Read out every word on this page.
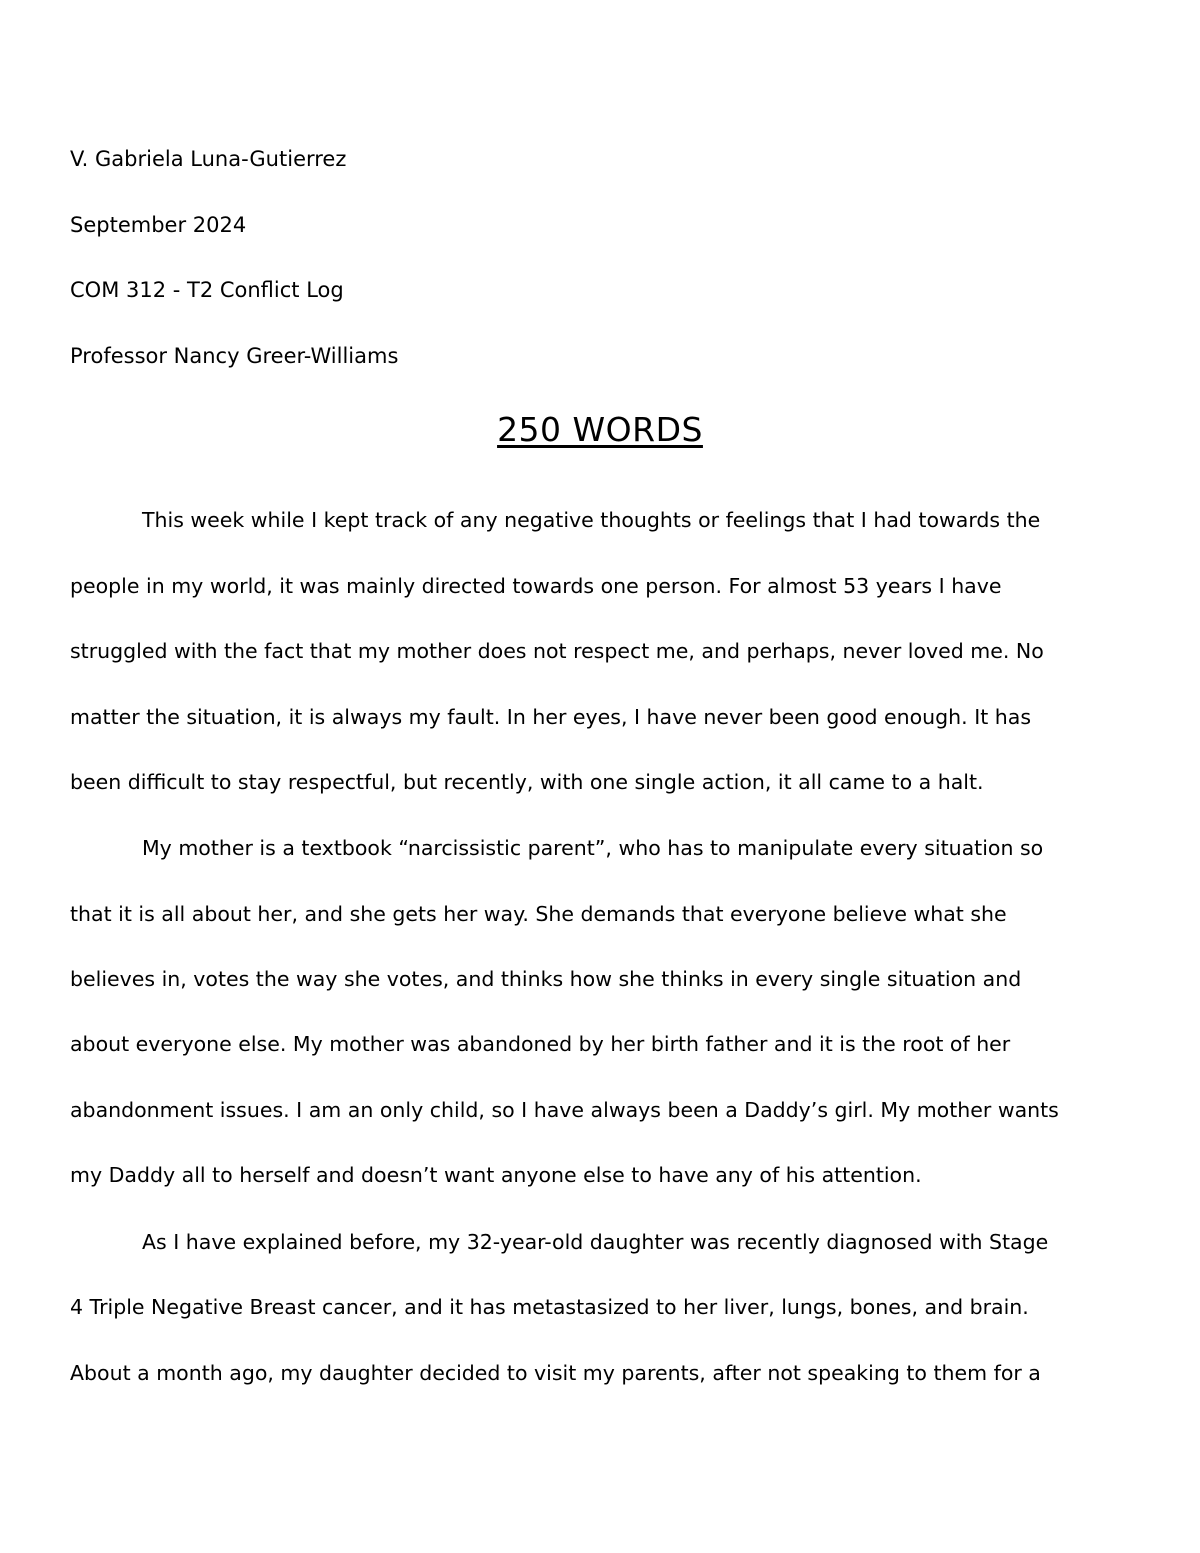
V. Gabriela Luna-Gutierrez
September 2024
COM 312 - T2 Conflict Log
Professor Nancy Greer-Williams
250 WORDS
This week while I kept track of any negative thoughts or feelings that I had towards the
people in my world, it was mainly directed towards one person. For almost 53 years I have
struggled with the fact that my mother does not respect me, and perhaps, never loved me. No
matter the situation, it is always my fault. In her eyes, I have never been good enough. It has
been difficult to stay respectful, but recently, with one single action, it all came to a halt.
My mother is a textbook “narcissistic parent”, who has to manipulate every situation so
that it is all about her, and she gets her way. She demands that everyone believe what she
believes in, votes the way she votes, and thinks how she thinks in every single situation and
about everyone else. My mother was abandoned by her birth father and it is the root of her
abandonment issues. I am an only child, so I have always been a Daddy’s girl. My mother wants
my Daddy all to herself and doesn’t want anyone else to have any of his attention.
As I have explained before, my 32-year-old daughter was recently diagnosed with Stage
4 Triple Negative Breast cancer, and it has metastasized to her liver, lungs, bones, and brain.
About a month ago, my daughter decided to visit my parents, after not speaking to them for a
